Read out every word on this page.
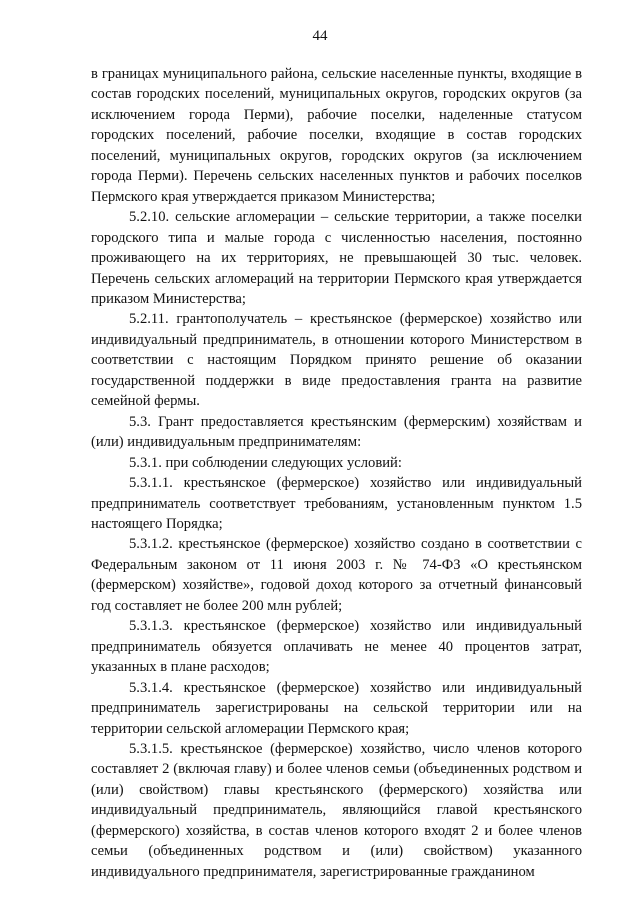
44

в границах муниципального района, сельские населенные пункты, входящие в состав городских поселений, муниципальных округов, городских округов (за исключением города Перми), рабочие поселки, наделенные статусом городских поселений, рабочие поселки, входящие в состав городских поселений, муниципальных округов, городских округов (за исключением города Перми). Перечень сельских населенных пунктов и рабочих поселков Пермского края утверждается приказом Министерства;

5.2.10. сельские агломерации – сельские территории, а также поселки городского типа и малые города с численностью населения, постоянно проживающего на их территориях, не превышающей 30 тыс. человек. Перечень сельских агломераций на территории Пермского края утверждается приказом Министерства;

5.2.11. грантополучатель – крестьянское (фермерское) хозяйство или индивидуальный предприниматель, в отношении которого Министерством в соответствии с настоящим Порядком принято решение об оказании государственной поддержки в виде предоставления гранта на развитие семейной фермы.

5.3. Грант предоставляется крестьянским (фермерским) хозяйствам и (или) индивидуальным предпринимателям:

5.3.1. при соблюдении следующих условий:

5.3.1.1. крестьянское (фермерское) хозяйство или индивидуальный предприниматель соответствует требованиям, установленным пунктом 1.5 настоящего Порядка;

5.3.1.2. крестьянское (фермерское) хозяйство создано в соответствии с Федеральным законом от 11 июня 2003 г. № 74-ФЗ «О крестьянском (фермерском) хозяйстве», годовой доход которого за отчетный финансовый год составляет не более 200 млн рублей;

5.3.1.3. крестьянское (фермерское) хозяйство или индивидуальный предприниматель обязуется оплачивать не менее 40 процентов затрат, указанных в плане расходов;

5.3.1.4. крестьянское (фермерское) хозяйство или индивидуальный предприниматель зарегистрированы на сельской территории или на территории сельской агломерации Пермского края;

5.3.1.5. крестьянское (фермерское) хозяйство, число членов которого составляет 2 (включая главу) и более членов семьи (объединенных родством и (или) свойством) главы крестьянского (фермерского) хозяйства или индивидуальный предприниматель, являющийся главой крестьянского (фермерского) хозяйства, в состав членов которого входят 2 и более членов семьи (объединенных родством и (или) свойством) указанного индивидуального предпринимателя, зарегистрированные гражданином
